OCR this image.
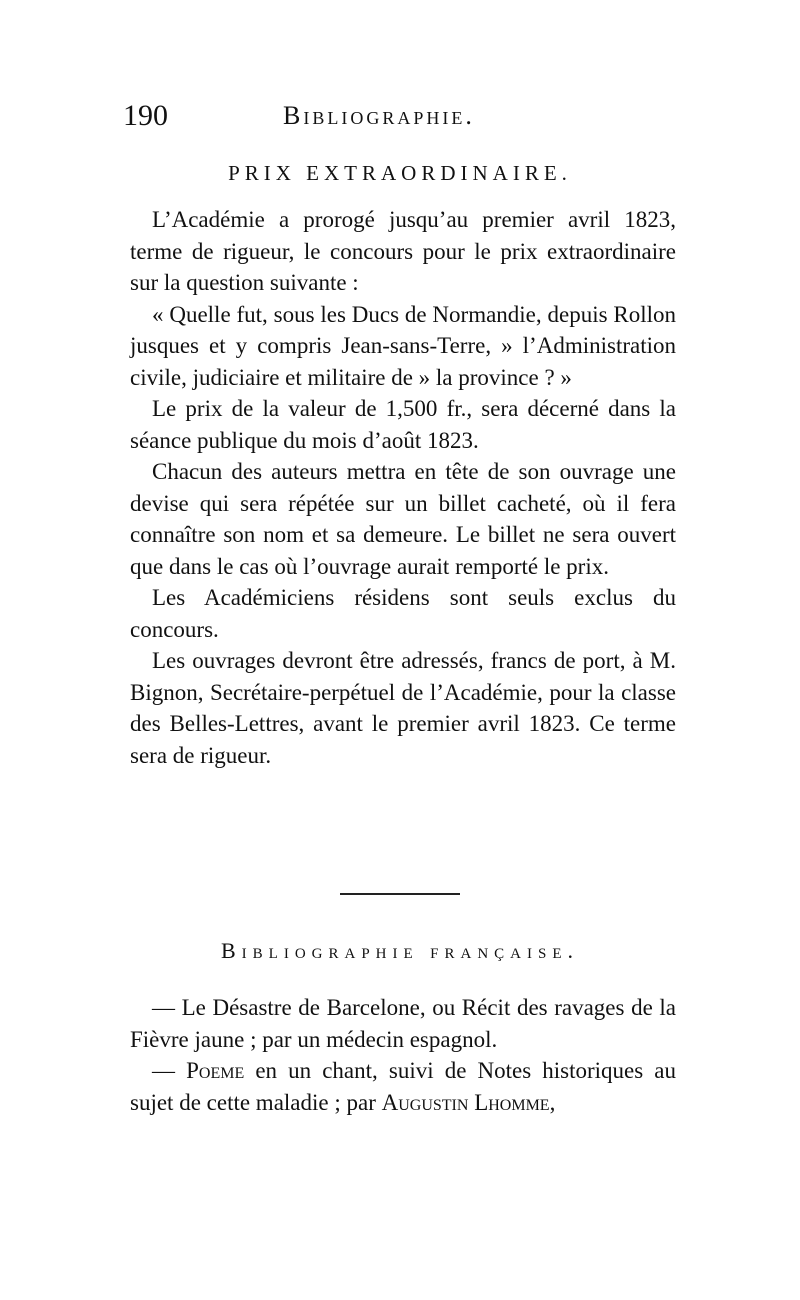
190	Bibliographie.
PRIX EXTRAORDINAIRE.

L’Académie a prorogé jusqu’au premier avril 1823, terme de rigueur, le concours pour le prix extraordinaire sur la question suivante :

« Quelle fut, sous les Ducs de Normandie, depuis Rollon jusques et y compris Jean-sans-Terre, » l’Administration civile, judiciaire et militaire de » la province ? »

Le prix de la valeur de 1,500 fr., sera décerné dans la séance publique du mois d’août 1823.

Chacun des auteurs mettra en tête de son ouvrage une devise qui sera répétée sur un billet cacheté, où il fera connaître son nom et sa demeure. Le billet ne sera ouvert que dans le cas où l’ouvrage aurait remporté le prix.

Les Académiciens résidens sont seuls exclus du concours.

Les ouvrages devront être adressés, francs de port, à M. Bignon, Secrétaire-perpétuel de l’Académie, pour la classe des Belles-Lettres, avant le premier avril 1823. Ce terme sera de rigueur.

Bibliographie française.

— Le Désastre de Barcelone, ou Récit des ravages de la Fièvre jaune ; par un médecin espagnol.

— Poeme en un chant, suivi de Notes historiques au sujet de cette maladie ; par Augustin Lhomme,
